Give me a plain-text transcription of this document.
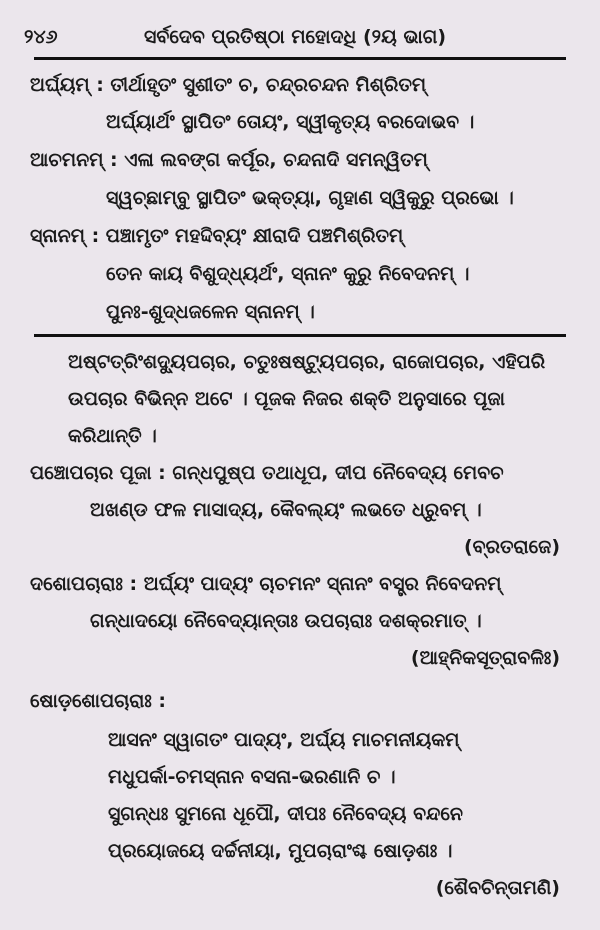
୨୪୬	ସର୍ବଦେବ ପ୍ରତିଷ୍ଠା ମହୋଦଧି (୨ୟ ଭାଗ)
ଅର୍ଘ୍ୟମ୍ : ତୀର୍ଥାହୃତଂ ସୁଶୀତଂ ଚ, ଚନ୍ଦ୍ରଚନ୍ଦନ ମିଶ୍ରିତମ୍
ଅର୍ଘ୍ୟାର୍ଥଂ ସ୍ଥାପିତଂ ତୋୟଂ, ସ୍ୱୀକୃତ୍ୟ ବରଦୋଭବ ।
ଆଚମନମ୍ : ଏଳା ଲବଙ୍ଗ କର୍ପୂର, ଚନ୍ଦନାଦି ସମନ୍ୱିତମ୍
ସ୍ୱଚ୍ଛାମ୍ବୁ ସ୍ଥାପିତଂ ଭକ୍ତ୍ୟା, ଗୃହାଣ ସ୍ୱିକୁରୁ ପ୍ରଭୋ ।
ସ୍ନାନମ୍ : ପଞ୍ଚାମୃତଂ ମହଦ୍ଦିବ୍ୟଂ କ୍ଷୀରାଦି ପଞ୍ଚମିଶ୍ରିତମ୍
ତେନ କାୟ ବିଶୁଦ୍ଧ୍ୟର୍ଥଂ, ସ୍ନାନଂ କୁରୁ ନିବେଦନମ୍ ।
ପୁନଃ-ଶୁଦ୍ଧଜଳେନ ସ୍ନାନମ୍ ।
ଅଷ୍ଟତ୍ରିଂଶଦ୍ୟୁପଚାର, ଚତୁଃଷଷ୍ଟ୍ୟୁପଚାର, ରାଜୋପଚାର, ଏହିପରି
ଉପଚାର ବିଭିନ୍ନ ଅଟେ । ପୂଜକ ନିଜର ଶକ୍ତି ଅନୁସାରେ ପୂଜା
କରିଥାନ୍ତି ।
ପଞ୍ଚୋପଚାର ପୂଜା : ଗନ୍ଧପୁଷ୍ପ ତଥାଧୂପ, ଦୀପ ନୈବେଦ୍ୟ ମେବଚ
ଅଖଣ୍ଡ ଫଳ ମାସାଦ୍ୟ, କୈବଲ୍ୟଂ ଲଭତେ ଧ୍ରୁବମ୍ ।
(ବ୍ରତରାଜେ)
ଦଶୋପଚାରାଃ : ଅର୍ଘ୍ୟଂ ପାଦ୍ୟଂ ଚାଚମନଂ ସ୍ନାନଂ ବସ୍ତ୍ର ନିବେଦନମ୍
ଗନ୍ଧାଦୟୋ ନୈବେଦ୍ୟାନ୍ତାଃ ଉପଚାରାଃ ଦଶକ୍ରମାତ୍ ।
(ଆହ୍ନିକସୂତ୍ରାବଳିଃ)
ଷୋଡ଼ଶୋପଚାରାଃ :
ଆସନଂ ସ୍ୱାଗତଂ ପାଦ୍ୟଂ, ଅର୍ଘ୍ୟ ମାଚମନୀୟକମ୍
ମଧୁପର୍କା-ଚମସ୍ନାନ ବସନା-ଭରଣାନି ଚ ।
ସୁଗନ୍ଧଃ ସୁମନୋ ଧୂପୌ, ଦୀପଃ ନୈବେଦ୍ୟ ବନ୍ଦନେ
ପ୍ରୟୋଜୟେ ଦର୍ଚ୍ଚନୀୟା, ମୁପଚାରାଂଶ୍ଚ ଷୋଡ଼ଶଃ ।
(ଶୈବଚିନ୍ତାମଣି)
